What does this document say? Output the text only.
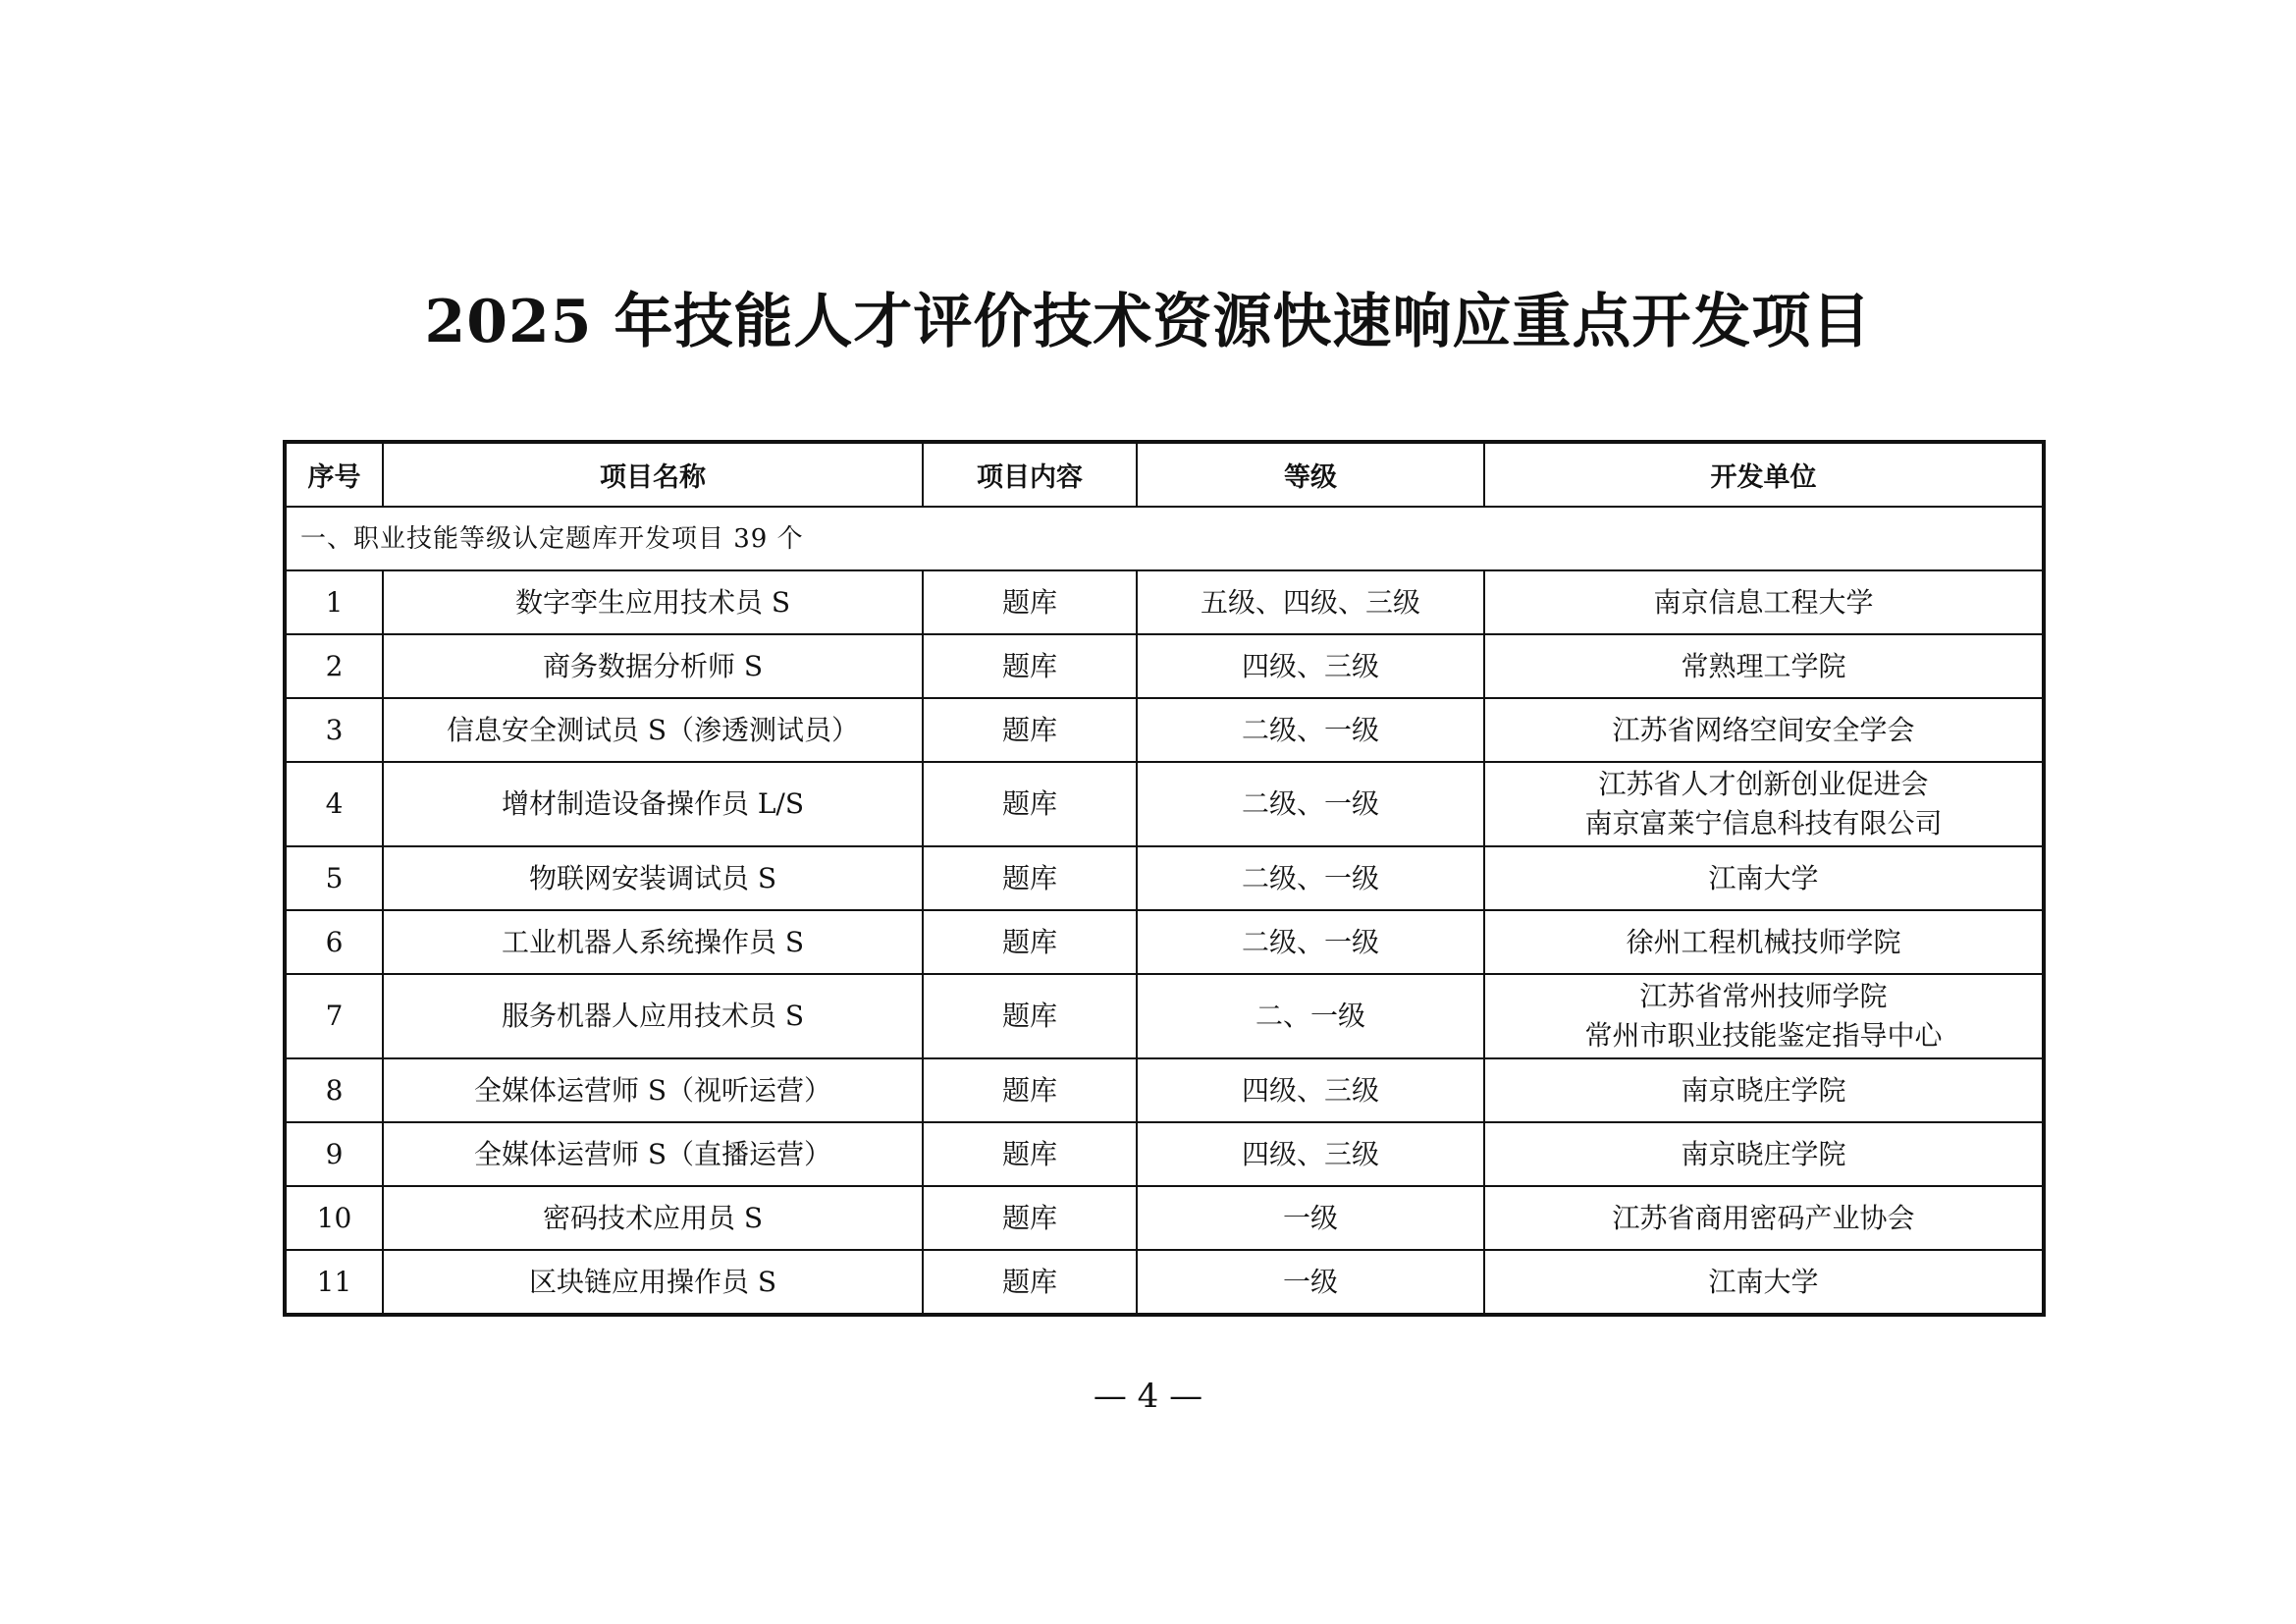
2025 年技能人才评价技术资源快速响应重点开发项目
序号	项目名称	项目内容	等级	开发单位
一、职业技能等级认定题库开发项目 39 个				
1	数字孪生应用技术员 S	题库	五级、四级、三级	南京信息工程大学

2	商务数据分析师 S	题库	四级、三级	常熟理工学院

3	信息安全测试员 S（渗透测试员）	题库	二级、一级	江苏省网络空间安全学会

4	增材制造设备操作员 L/S	题库	二级、一级	江苏省人才创新创业促进会
南京富莱宁信息科技有限公司

5	物联网安装调试员 S	题库	二级、一级	江南大学

6	工业机器人系统操作员 S	题库	二级、一级	徐州工程机械技师学院

7	服务机器人应用技术员 S	题库	二、一级	江苏省常州技师学院
常州市职业技能鉴定指导中心

8	全媒体运营师 S（视听运营）	题库	四级、三级	南京晓庄学院

9	全媒体运营师 S（直播运营）	题库	四级、三级	南京晓庄学院

10	密码技术应用员 S	题库	一级	江苏省商用密码产业协会

11	区块链应用操作员 S	题库	一级	江南大学
— 4 —
